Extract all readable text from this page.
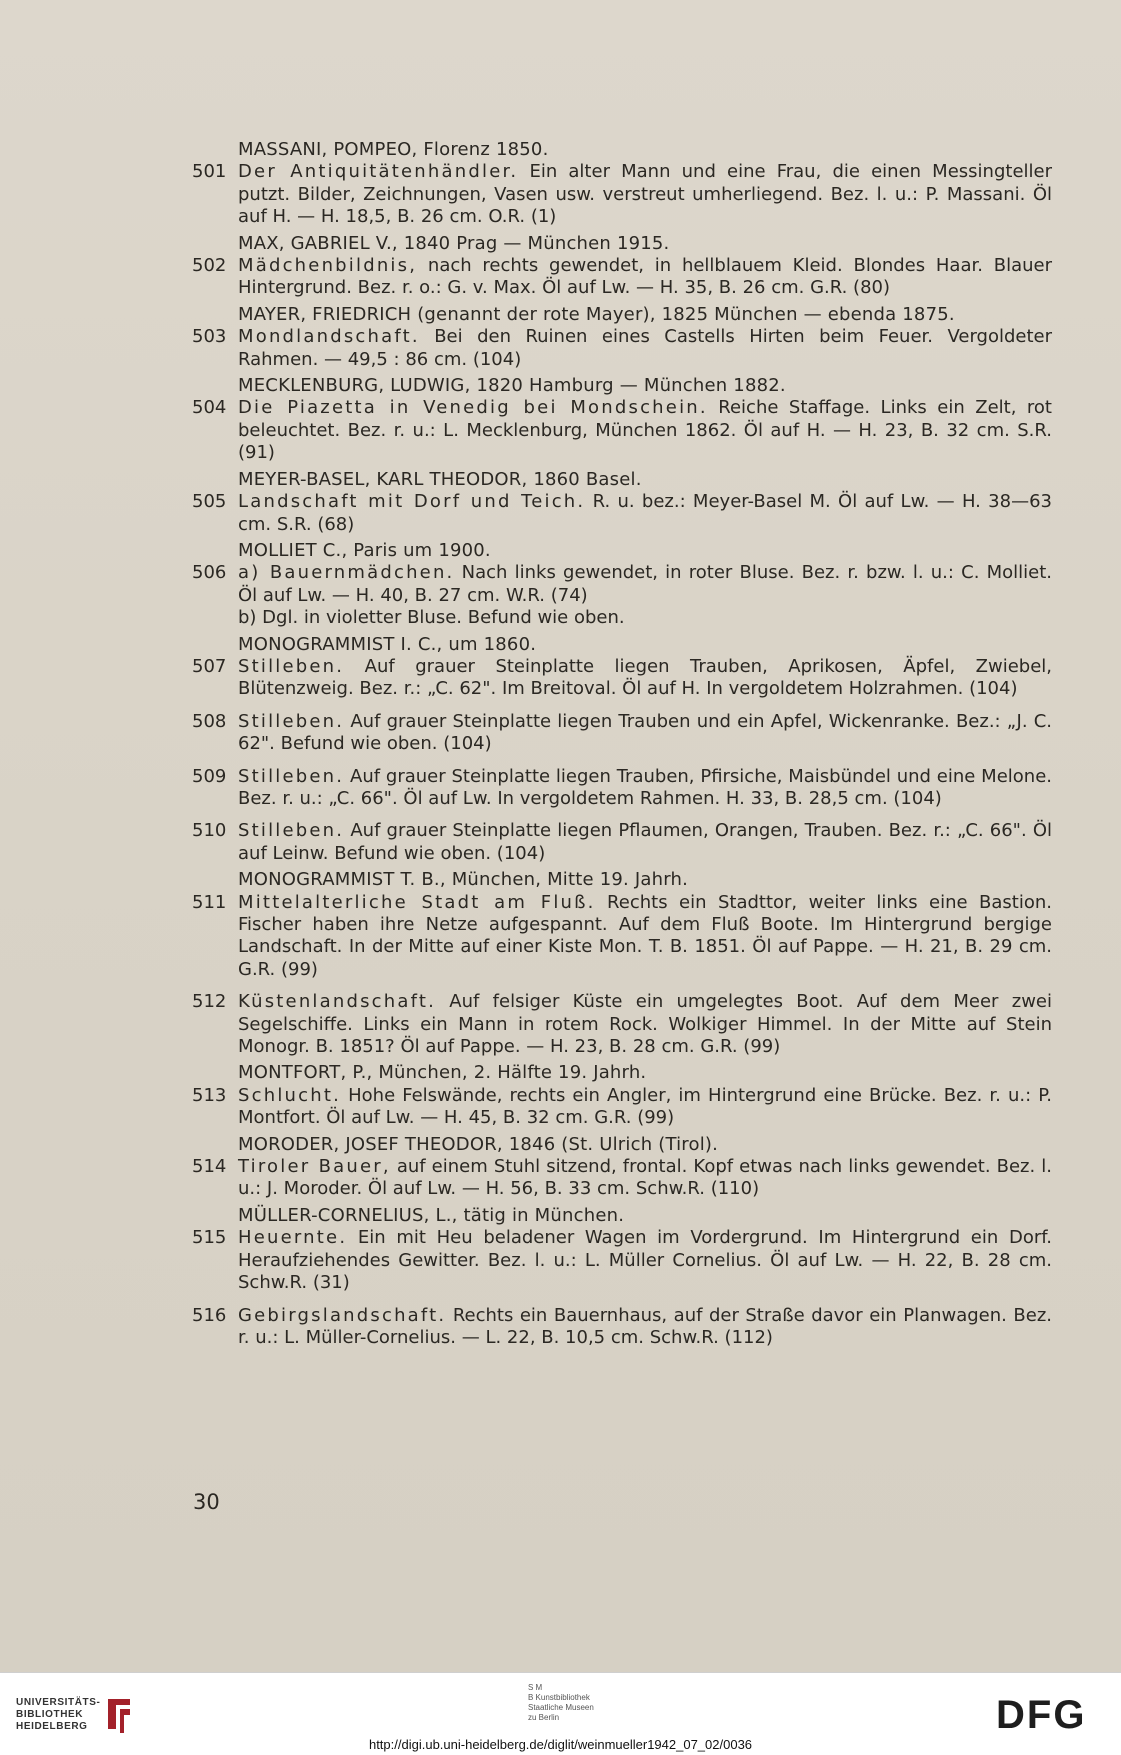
MASSANI, POMPEO, Florenz 1850.
501 Der Antiquitätenhändler. Ein alter Mann und eine Frau, die einen Messingteller putzt. Bilder, Zeichnungen, Vasen usw. verstreut umherliegend. Bez. l. u.: P. Massani. Öl auf H. — H. 18,5, B. 26 cm. O.R. (1)
MAX, GABRIEL V., 1840 Prag — München 1915.
502 Mädchenbildnis, nach rechts gewendet, in hellblauem Kleid. Blondes Haar. Blauer Hintergrund. Bez. r. o.: G. v. Max. Öl auf Lw. — H. 35, B. 26 cm. G.R. (80)
MAYER, FRIEDRICH (genannt der rote Mayer), 1825 München — ebenda 1875.
503 Mondlandschaft. Bei den Ruinen eines Castells Hirten beim Feuer. Vergoldeter Rahmen. — 49,5 : 86 cm. (104)
MECKLENBURG, LUDWIG, 1820 Hamburg — München 1882.
504 Die Piazetta in Venedig bei Mondschein. Reiche Staffage. Links ein Zelt, rot beleuchtet. Bez. r. u.: L. Mecklenburg, München 1862. Öl auf H. — H. 23, B. 32 cm. S.R. (91)
MEYER-BASEL, KARL THEODOR, 1860 Basel.
505 Landschaft mit Dorf und Teich. R. u. bez.: Meyer-Basel M. Öl auf Lw. — H. 38—63 cm. S.R. (68)
MOLLIET C., Paris um 1900.
506 a) Bauernmädchen. Nach links gewendet, in roter Bluse. Bez. r. bzw. l. u.: C. Molliet. Öl auf Lw. — H. 40, B. 27 cm. W.R. (74)
b) Dgl. in violetter Bluse. Befund wie oben.
MONOGRAMMIST I. C., um 1860.
507 Stilleben. Auf grauer Steinplatte liegen Trauben, Aprikosen, Äpfel, Zwiebel, Blütenzweig. Bez. r.: „C. 62". Im Breitoval. Öl auf H. In vergoldetem Holzrahmen. (104)
508 Stilleben. Auf grauer Steinplatte liegen Trauben und ein Apfel, Wickenranke. Bez.: „J. C. 62". Befund wie oben. (104)
509 Stilleben. Auf grauer Steinplatte liegen Trauben, Pfirsiche, Maisbündel und eine Melone. Bez. r. u.: „C. 66". Öl auf Lw. In vergoldetem Rahmen. H. 33, B. 28,5 cm. (104)
510 Stilleben. Auf grauer Steinplatte liegen Pflaumen, Orangen, Trauben. Bez. r.: „C. 66". Öl auf Leinw. Befund wie oben. (104)
MONOGRAMMIST T. B., München, Mitte 19. Jahrh.
511 Mittelalterliche Stadt am Fluß. Rechts ein Stadttor, weiter links eine Bastion. Fischer haben ihre Netze aufgespannt. Auf dem Fluß Boote. Im Hintergrund bergige Landschaft. In der Mitte auf einer Kiste Mon. T. B. 1851. Öl auf Pappe. — H. 21, B. 29 cm. G.R. (99)
512 Küstenlandschaft. Auf felsiger Küste ein umgelegtes Boot. Auf dem Meer zwei Segelschiffe. Links ein Mann in rotem Rock. Wolkiger Himmel. In der Mitte auf Stein Monogr. B. 1851? Öl auf Pappe. — H. 23, B. 28 cm. G.R. (99)
MONTFORT, P., München, 2. Hälfte 19. Jahrh.
513 Schlucht. Hohe Felswände, rechts ein Angler, im Hintergrund eine Brücke. Bez. r. u.: P. Montfort. Öl auf Lw. — H. 45, B. 32 cm. G.R. (99)
MORODER, JOSEF THEODOR, 1846 (St. Ulrich (Tirol).
514 Tiroler Bauer, auf einem Stuhl sitzend, frontal. Kopf etwas nach links gewendet. Bez. l. u.: J. Moroder. Öl auf Lw. — H. 56, B. 33 cm. Schw.R. (110)
MÜLLER-CORNELIUS, L., tätig in München.
515 Heuernte. Ein mit Heu beladener Wagen im Vordergrund. Im Hintergrund ein Dorf. Heraufziehendes Gewitter. Bez. l. u.: L. Müller Cornelius. Öl auf Lw. — H. 22, B. 28 cm. Schw.R. (31)
516 Gebirgslandschaft. Rechts ein Bauernhaus, auf der Straße davor ein Planwagen. Bez. r. u.: L. Müller-Cornelius. — L. 22, B. 10,5 cm. Schw.R. (112)
30
UNIVERSITÄTS-
BIBLIOTHEK
HEIDELBERG
S M
B Kunstbibliothek
Staatliche Museen
zu Berlin	DFG
http://digi.ub.uni-heidelberg.de/diglit/weinmueller1942_07_02/0036
